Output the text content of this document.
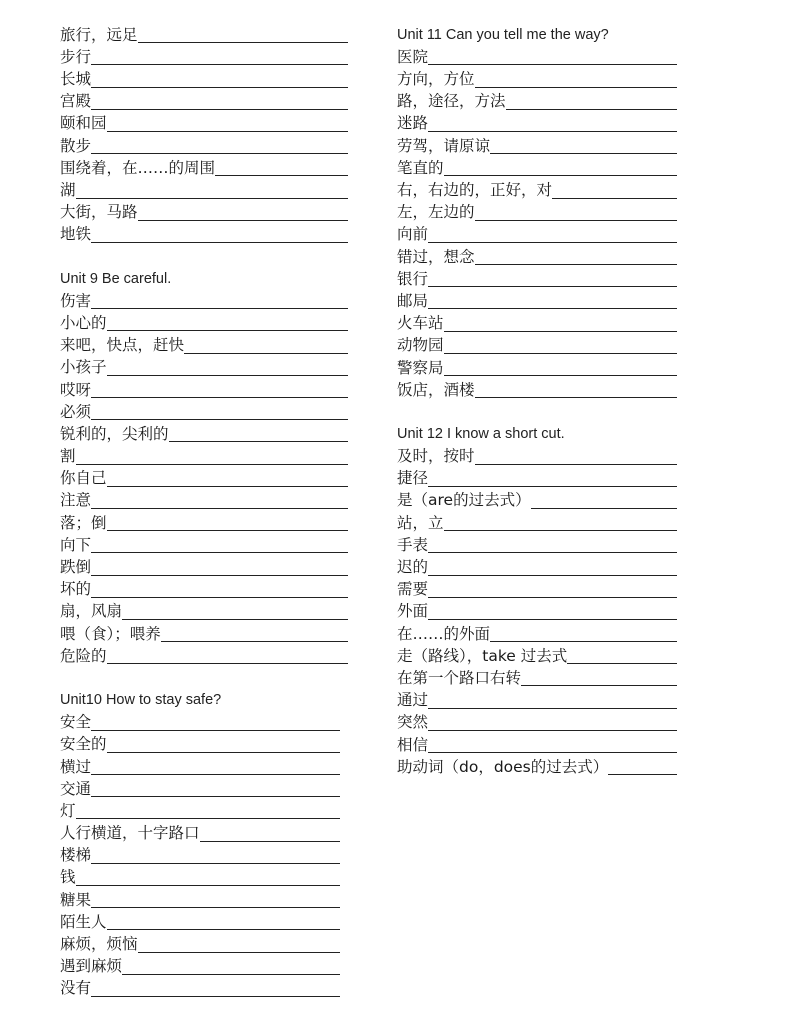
旅行，远足
步行
长城
宫殿
颐和园
散步
围绕着，在……的周围
湖
大街，马路
地铁
Unit 9 Be careful.
伤害
小心的
来吧，快点，赶快
小孩子
哎呀
必须
锐利的，尖利的
割
你自己
注意
落；倒
向下
跌倒
坏的
扇，风扇
喂（食）；喂养
危险的
Unit10 How to stay safe?
安全
安全的
横过
交通
灯
人行横道，十字路口
楼梯
钱
糖果
陌生人
麻烦，烦恼
遇到麻烦
没有
Unit 11 Can you tell me the way?
医院
方向，方位
路，途径，方法
迷路
劳驾，请原谅
笔直的
右，右边的，正好，对
左，左边的
向前
错过，想念
银行
邮局
火车站
动物园
警察局
饭店，酒楼
Unit 12 I know a short cut.
及时，按时
捷径
是（are的过去式）
站，立
手表
迟的
需要
外面
在……的外面
走（路线），take 过去式
在第一个路口右转
通过
突然
相信
助动词（do，does的过去式）
